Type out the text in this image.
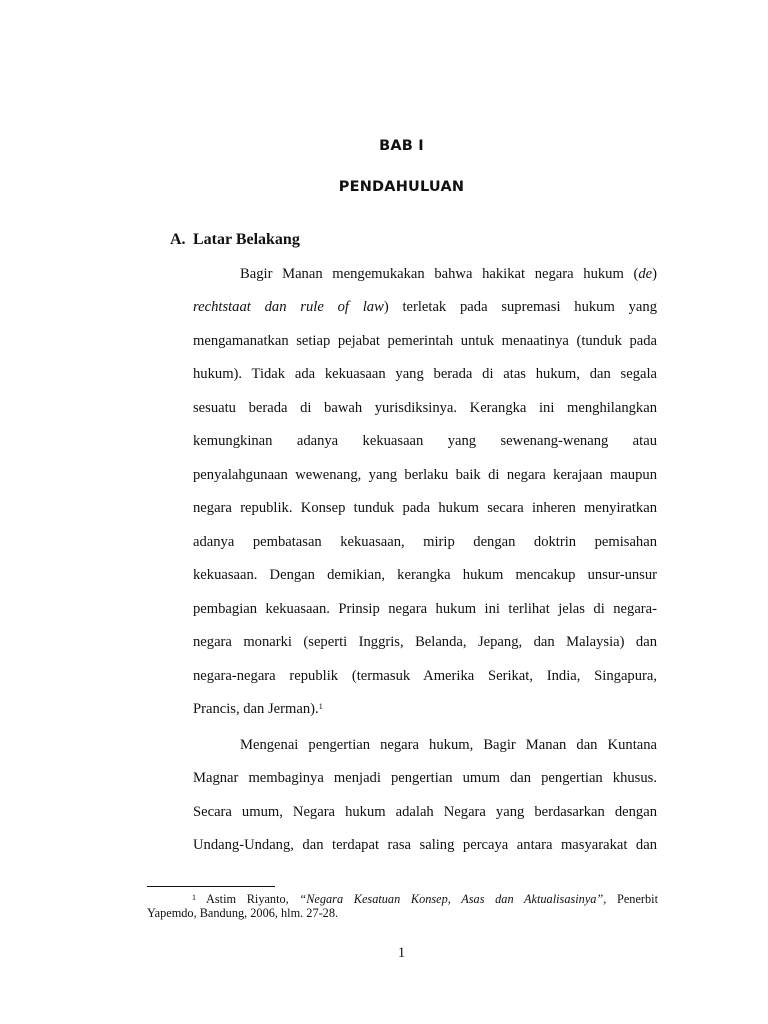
BAB I
PENDAHULUAN
A. Latar Belakang
Bagir Manan mengemukakan bahwa hakikat negara hukum (de)
rechtstaat dan rule of law) terletak pada supremasi hukum yang
mengamanatkan setiap pejabat pemerintah untuk menaatinya (tunduk pada
hukum). Tidak ada kekuasaan yang berada di atas hukum, dan segala
sesuatu berada di bawah yurisdiksinya. Kerangka ini menghilangkan
kemungkinan adanya kekuasaan yang sewenang-wenang atau
penyalahgunaan wewenang, yang berlaku baik di negara kerajaan maupun
negara republik. Konsep tunduk pada hukum secara inheren menyiratkan
adanya pembatasan kekuasaan, mirip dengan doktrin pemisahan
kekuasaan. Dengan demikian, kerangka hukum mencakup unsur-unsur
pembagian kekuasaan. Prinsip negara hukum ini terlihat jelas di negara-
negara monarki (seperti Inggris, Belanda, Jepang, dan Malaysia) dan
negara-negara republik (termasuk Amerika Serikat, India, Singapura,
Prancis, dan Jerman).$^1$
Mengenai pengertian negara hukum, Bagir Manan dan Kuntana
Magnar membaginya menjadi pengertian umum dan pengertian khusus.
Secara umum, Negara hukum adalah Negara yang berdasarkan dengan
Undang-Undang, dan terdapat rasa saling percaya antara masyarakat dan
$^1$ Astim Riyanto, “Negara Kesatuan Konsep, Asas dan Aktualisasinya”, Penerbit
Yapemdo, Bandung, 2006, hlm. 27-28.
1
